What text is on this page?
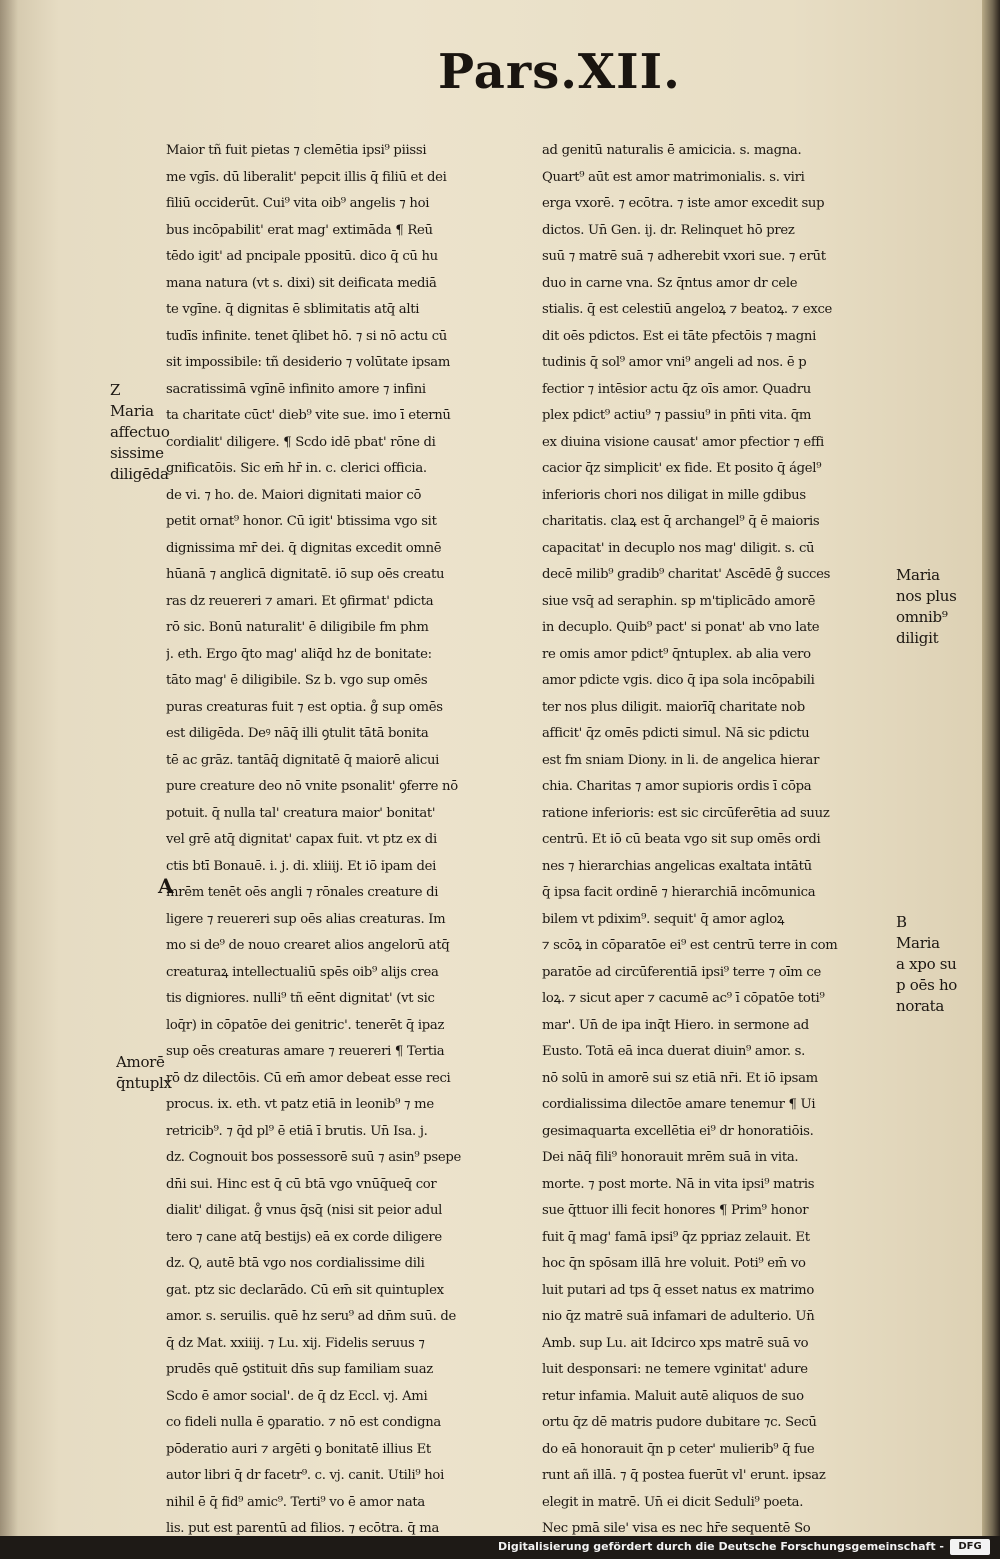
Pars.XII.
Maior tñ fuit pietas ⁊ clemētia ipsi⁹ piissi
me vgīs. dū liberalit' pepcit illis q̄ filiū et dei
filiū occiderūt. Cui⁹ vita oib⁹ angelis ⁊ hoi
bus incōpabilit' erat mag' extimāda ¶ Reū
tēdo igit' ad pncipale ppositū. dico q̄ cū hu
mana natura (vt s. dixi) sit deificata mediā
te vgīne. q̄ dignitas ē sblimitatis atq̄ alti
tudīs infinite. tenet q̄libet hō. ⁊ si nō actu cū
sit impossibile: tñ desiderio ⁊ volūtate ipsam
sacratissimā vgīnē infinito amore ⁊ infini
ta charitate cūct' dieb⁹ vite sue. imo ī eternū
cordialit' diligere. ¶ Scdo idē pbat' rōne di
gnificatōis. Sic em̄ hr̄ in. c. clerici officia.
de vi. ⁊ ho. de. Maiori dignitati maior cō
petit ornat⁹ honor. Cū igit' btissima vgo sit
dignissima mr̄ dei. q̄ dignitas excedit omnē
hūanā ⁊ anglicā dignitatē. iō sup oēs creatu
ras dz reuereri ⁊ amari. Et ꝯfirmat' pdicta
rō sic. Bonū naturalit' ē diligibile fm phm
j. eth. Ergo q̄to mag' aliq̄d hz de bonitate:
tāto mag' ē diligibile. Sz b. vgo sup omēs
puras creaturas fuit ⁊ est optia. g̊ sup omēs
est diligēda. Deꝰ nāq̄ illi ꝯtulit tātā bonita
tē ac grāz. tantāq̄ dignitatē q̄ maiorē alicui
pure creature deo nō vnite psonalit' ꝯferre nō
potuit. q̄ nulla tal' creatura maior' bonitat'
vel grē atq̄ dignitat' capax fuit. vt ptz ex di
ctis btī Bonauē. i. j. di. xliiij. Et iō ipam dei
mrēm tenēt oēs angli ⁊ rōnales creature di
ligere ⁊ reuereri sup oēs alias creaturas. Im
mo si de⁹ de nouo crearet alios angelorū atq̄
creaturaꝝ intellectualiū spēs oib⁹ alijs crea
tis digniores. nulli⁹ tñ eēnt dignitat' (vt sic
loq̄r) in cōpatōe dei genitric'. tenerēt q̄ ipaz
sup oēs creaturas amare ⁊ reuereri ¶ Tertia
rō dz dilectōis. Cū em̄ amor debeat esse reci
procus. ix. eth. vt patz etiā in leonib⁹ ⁊ me
retricib⁹. ⁊ q̄d pl⁹ ē etiā ī brutis. Un̄ Isa. j.
dz. Cognouit bos possessorē suū ⁊ asin⁹ psepe
dn̄i sui. Hinc est q̄ cū btā vgo vnūq̄ueq̄ cor
dialit' diligat. g̊ vnus q̄sq̄ (nisi sit peior adul
tero ⁊ cane atq̄ bestijs) eā ex corde diligere
dz. Q, autē btā vgo nos cordialissime dili
gat. ptz sic declarādo. Cū em̄ sit quintuplex
amor. s. seruilis. quē hz seru⁹ ad dn̄m suū. de
q̄ dz Mat. xxiiij. ⁊ Lu. xij. Fidelis seruus ⁊
prudēs quē ꝯstituit dn̄s sup familiam suaz
Scdo ē amor social'. de q̄ dz Eccl. vj. Ami
co fideli nulla ē ꝯparatio. ⁊ nō est condigna
pōderatio auri ⁊ argēti ꝯ bonitatē illius Et
autor libri q̄ dr facetr⁹. c. vj. canit. Utili⁹ hoi
nihil ē q̄ fid⁹ amic⁹. Terti⁹ vo ē amor nata
lis. put est parentū ad filios. ⁊ ecōtra. q̄ ma
ad genitū naturalis ē amicicia. s. magna.
Quart⁹ aūt est amor matrimonialis. s. viri
erga vxorē. ⁊ ecōtra. ⁊ iste amor excedit sup
dictos. Un̄ Gen. ij. dr. Relinquet hō prez
suū ⁊ matrē suā ⁊ adherebit vxori sue. ⁊ erūt
duo in carne vna. Sz q̄ntus amor dr cele
stialis. q̄ est celestiū angeloꝝ ⁊ beatoꝝ. ⁊ exce
dit oēs pdictos. Est ei tāte pfectōis ⁊ magni
tudinis q̄ sol⁹ amor vni⁹ angeli ad nos. ē p
fectior ⁊ intēsior actu q̄z oīs amor. Quadru
plex pdict⁹ actiu⁹ ⁊ passiu⁹ in pn̄ti vita. q̄m
ex diuina visione causat' amor pfectior ⁊ effi
cacior q̄z simplicit' ex fide. Et posito q̄ ágel⁹
inferioris chori nos diligat in mille gdibus
charitatis. claꝝ est q̄ archangel⁹ q̄ ē maioris
capacitat' in decuplo nos mag' diligit. s. cū
decē milib⁹ gradib⁹ charitat' Ascēdē g̊ succes
siue vsq̄ ad seraphin. sp m'tiplicādo amorē
in decuplo. Quib⁹ pact' si ponat' ab vno late
re omis amor pdict⁹ q̄ntuplex. ab alia vero
amor pdicte vgis. dico q̄ ipa sola incōpabili
ter nos plus diligit. maiorīq̄ charitate nob
afficit' q̄z omēs pdicti simul. Nā sic pdictu
est fm sniam Diony. in li. de angelica hierar
chia. Charitas ⁊ amor supioris ordis ī cōpa
ratione inferioris: est sic circūferētia ad suuz
centrū. Et iō cū beata vgo sit sup omēs ordi
nes ⁊ hierarchias angelicas exaltata intātū
q̄ ipsa facit ordinē ⁊ hierarchiā incōmunica
bilem vt pdixim⁹. sequit' q̄ amor agloꝝ
⁊ scōꝝ in cōparatōe ei⁹ est centrū terre in com
paratōe ad circūferentiā ipsi⁹ terre ⁊ oīm ce
loꝝ. ⁊ sicut aper ⁊ cacumē ac⁹ ī cōpatōe toti⁹
mar'. Un̄ de ipa inq̄t Hiero. in sermone ad
Eusto. Totā eā inca duerat diuin⁹ amor. s.
nō solū in amorē sui sz etiā nr̄i. Et iō ipsam
cordialissima dilectōe amare tenemur ¶ Ui
gesimaquarta excellētia ei⁹ dr honoratiōis.
Dei nāq̄ fili⁹ honorauit mrēm suā in vita.
morte. ⁊ post morte. Nā in vita ipsi⁹ matris
sue q̄ttuor illi fecit honores ¶ Prim⁹ honor
fuit q̄ mag' famā ipsi⁹ q̄z ppriaz zelauit. Et
hoc q̄n spōsam illā hre voluit. Poti⁹ em̄ vo
luit putari ad tps q̄ esset natus ex matrimo
nio q̄z matrē suā infamari de adulterio. Un̄
Amb. sup Lu. ait Idcirco xps matrē suā vo
luit desponsari: ne temere vginitat' adure
retur infamia. Maluit autē aliquos de suo
ortu q̄z dē matris pudore dubitare ⁊c. Secū
do eā honorauit q̄n p ceter' mulierib⁹ q̄ fue
runt añ illā. ⁊ q̄ postea fuerūt vl' erunt. ipsaz
elegit in matrē. Un̄ ei dicit Seduli⁹ poeta.
Nec pmā sile' visa es nec hr̄e sequentē So
Z
Maria
affectuo
sissime
diligēda
Amorē
q̄ntuplx
Maria
nos plus
omnib⁹
diligit
B
Maria
a xpo su
p oēs ho
norata
A
Digitalisierung gefördert durch die Deutsche Forschungsgemeinschaft -	DFG
